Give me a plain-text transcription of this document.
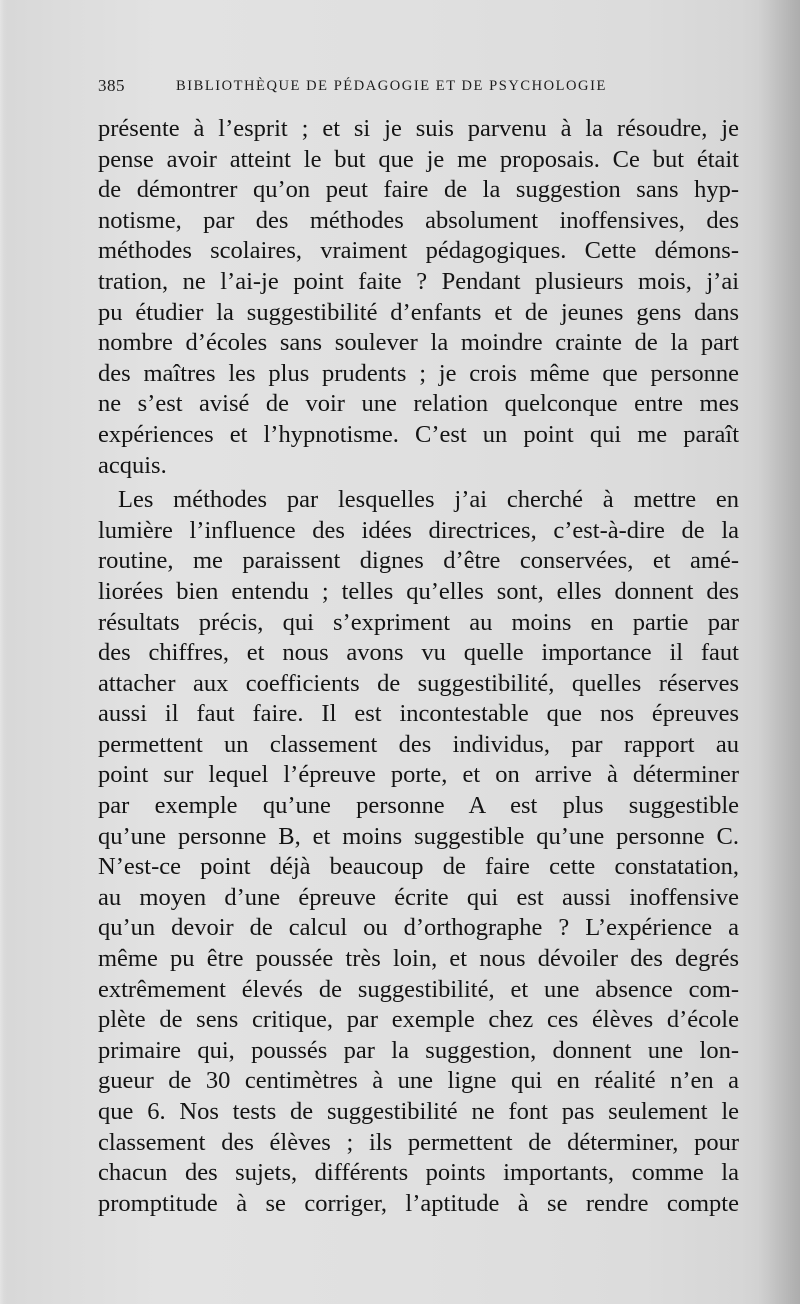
385	BIBLIOTHÈQUE DE PÉDAGOGIE ET DE PSYCHOLOGIE
présente à l’esprit ; et si je suis parvenu à la résoudre, je
pense avoir atteint le but que je me proposais. Ce but était
de démontrer qu’on peut faire de la suggestion sans hyp-
notisme, par des méthodes absolument inoffensives, des
méthodes scolaires, vraiment pédagogiques. Cette démons-
tration, ne l’ai-je point faite ? Pendant plusieurs mois, j’ai
pu étudier la suggestibilité d’enfants et de jeunes gens dans
nombre d’écoles sans soulever la moindre crainte de la part
des maîtres les plus prudents ; je crois même que personne
ne s’est avisé de voir une relation quelconque entre mes
expériences et l’hypnotisme. C’est un point qui me paraît
acquis.
Les méthodes par lesquelles j’ai cherché à mettre en
lumière l’influence des idées directrices, c’est-à-dire de la
routine, me paraissent dignes d’être conservées, et amé-
liorées bien entendu ; telles qu’elles sont, elles donnent des
résultats précis, qui s’expriment au moins en partie par
des chiffres, et nous avons vu quelle importance il faut
attacher aux coefficients de suggestibilité, quelles réserves
aussi il faut faire. Il est incontestable que nos épreuves
permettent un classement des individus, par rapport au
point sur lequel l’épreuve porte, et on arrive à déterminer
par exemple qu’une personne A est plus suggestible
qu’une personne B, et moins suggestible qu’une personne C.
N’est-ce point déjà beaucoup de faire cette constatation,
au moyen d’une épreuve écrite qui est aussi inoffensive
qu’un devoir de calcul ou d’orthographe ? L’expérience a
même pu être poussée très loin, et nous dévoiler des degrés
extrêmement élevés de suggestibilité, et une absence com-
plète de sens critique, par exemple chez ces élèves d’école
primaire qui, poussés par la suggestion, donnent une lon-
gueur de 30 centimètres à une ligne qui en réalité n’en a
que 6. Nos tests de suggestibilité ne font pas seulement le
classement des élèves ; ils permettent de déterminer, pour
chacun des sujets, différents points importants, comme la
promptitude à se corriger, l’aptitude à se rendre compte
